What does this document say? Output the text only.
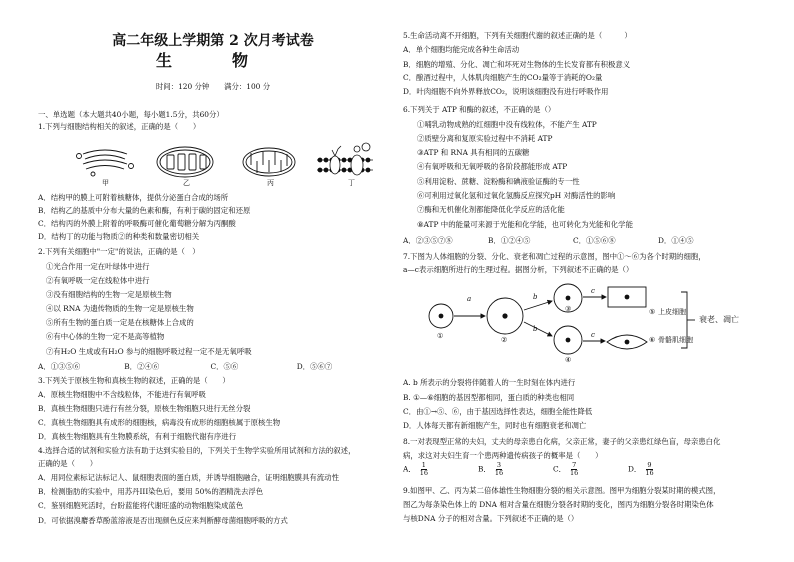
高二年级上学期第 2 次月考试卷
生　物
时间：120 分钟　　满分：100 分
一、单选题（本大题共40小题，每小题1.5分，共60分）
1.下列与细胞结构相关的叙述，正确的是（　　）
甲	乙	丙	丁
A．结构甲的膜上可附着核糖体，提供分泌蛋白合成的场所
B．结构乙的基质中分布大量的色素和酶，有利于碳的固定和还原
C．结构丙的外膜上附着的呼吸酶可催化葡萄糖分解为丙酮酸
D．结构丁的功能与物质②的种类和数量密切相关
2.下列有关细胞中"一定"的说法，正确的是（　）
①光合作用一定在叶绿体中进行
②有氧呼吸一定在线粒体中进行
③没有细胞结构的生物一定是原核生物
④以 RNA 为遗传物质的生物一定是原核生物
⑤所有生物的蛋白质一定是在核糖体上合成的
⑥有中心体的生物一定不是高等植物
⑦有H₂O 生成或有H₂O 参与的细胞呼吸过程一定不是无氧呼吸
A．①③⑤⑥	B．②④⑥	C．⑤⑥	D．⑤⑥⑦
3.下列关于原核生物和真核生物的叙述，正确的是（　　）
A．原核生物细胞中不含线粒体，不能进行有氧呼吸
B．真核生物细胞只进行有丝分裂，原核生物细胞只进行无丝分裂
C．真核生物细胞具有成形的细胞核，病毒没有成形的细胞核属于原核生物
D．真核生物细胞具有生物膜系统，有利于细胞代谢有序进行
4.选择合适的试剂和实验方法有助于达到实验目的，下列关于生物学实验所用试剂和方法的叙述，
正确的是（　　）
A．用同位素标记法标记人、鼠细胞表面的蛋白质，并诱导细胞融合，证明细胞膜具有流动性
B．检测脂肪的实验中，用苏丹III染色后，要用 50%的酒精洗去浮色
C．鉴别细胞死活时，台盼蓝能将代谢旺盛的动物细胞染成蓝色
D．可依据溴麝香草酚蓝溶液是否出现颜色反应来判断酵母菌细胞呼吸的方式
5.生命活动离不开细胞，下列有关细胞代谢的叙述正确的是（　　　）
A．单个细胞均能完成各种生命活动
B．细胞的增殖、分化、凋亡和坏死对生物体的生长发育都有积极意义
C．酿酒过程中，人体肌肉细胞产生的CO₂量等于消耗的O₂量
D．叶肉细胞不向外界释放CO₂，说明该细胞没有进行呼吸作用
6.下列关于 ATP 和酶的叙述，不正确的是（）
①哺乳动物成熟的红细胞中没有线粒体，不能产生 ATP
②质壁分离和复原实验过程中不消耗 ATP
③ATP 和 RNA 具有相同的五碳糖
④有氧呼吸和无氧呼吸的各阶段都能形成 ATP
⑤利用淀粉、蔗糖、淀粉酶和碘液验证酶的专一性
⑥可利用过氧化氢和过氧化氢酶反应探究pH 对酶活性的影响
⑦酶和无机催化剂都能降低化学反应的活化能
⑧ATP 中的能量可来源于光能和化学能，也可转化为光能和化学能
A．②③⑤⑦⑧	B．①②④⑤	C．①⑤⑥⑧	D．①④⑤
7.下图为人体细胞的分裂、分化、衰老和凋亡过程的示意图，图中①～⑥为各个时期的细胞，
a—c表示细胞所进行的生理过程。据图分析，下列叙述不正确的是（）
a	b
b
c
c
①	②
③
④
⑤
⑥
上皮细胞
骨骼肌细胞
衰老、凋亡
A. b 所表示的分裂将伴随着人的一生时刻在体内进行
B. ①—⑥细胞的基因型都相同，蛋白质的种类也相同
C．由①→⑤、⑥，由于基因选择性表达，细胞全能性降低
D．人体每天都有新细胞产生，同时也有细胞衰老和凋亡
8.一对表现型正常的夫妇，丈夫的母亲患白化病，父亲正常，妻子的父亲患红绿色盲，母亲患白化
病，求这对夫妇生育一个患两种遗传病孩子的概率是（　　）
A． $\frac{1}{16}$	B． $\frac{3}{16}$	C． $\frac{7}{16}$	D． $\frac{9}{16}$
9.如图甲、乙、丙为某二倍体雄性生物细胞分裂的相关示意图。图甲为细胞分裂某时期的模式图，
图乙为每条染色体上的 DNA 相对含量在细胞分裂各时期的变化，图丙为细胞分裂各时期染色体
与核DNA 分子的相对含量。下列叙述不正确的是（）
